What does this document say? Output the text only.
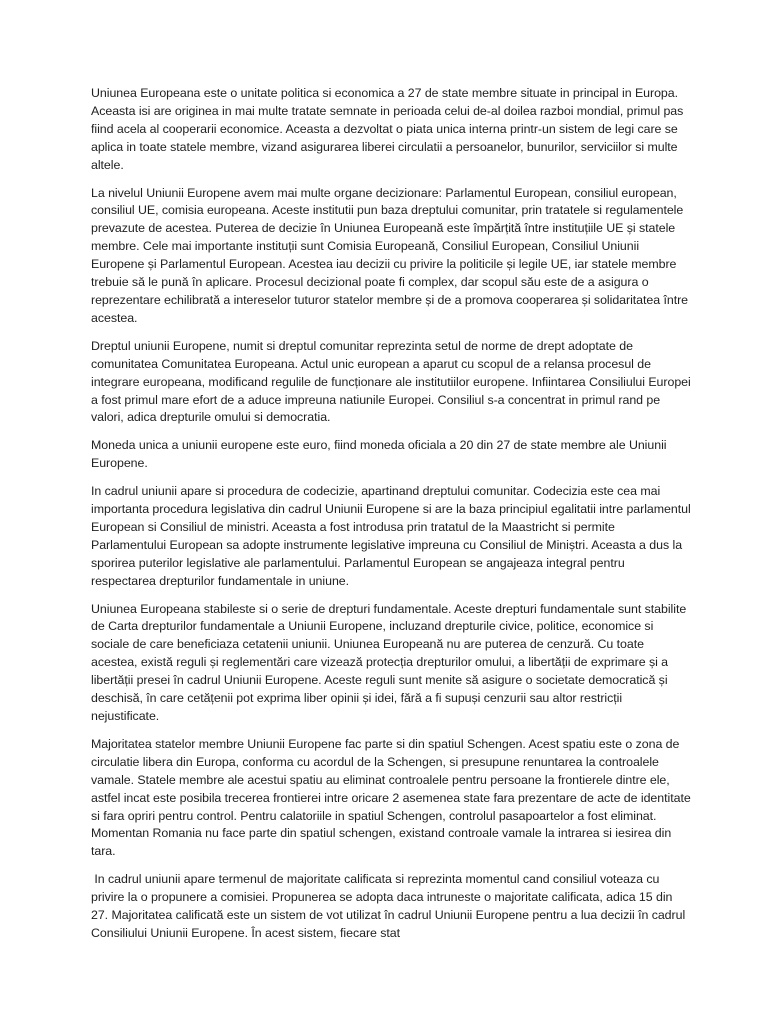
Uniunea Europeana este o unitate politica si economica a 27 de state membre situate in principal in Europa. Aceasta isi are originea in mai multe tratate semnate in perioada celui de-al doilea razboi mondial, primul pas fiind acela al cooperarii economice. Aceasta a dezvoltat o piata unica interna printr-un sistem de legi care se aplica in toate statele membre, vizand asigurarea liberei circulatii a persoanelor, bunurilor, serviciilor si multe altele.

La nivelul Uniunii Europene avem mai multe organe decizionare: Parlamentul European, consiliul european, consiliul UE, comisia europeana. Aceste institutii pun baza dreptului comunitar, prin tratatele si regulamentele prevazute de acestea. Puterea de decizie în Uniunea Europeană este împărțită între instituțiile UE și statele membre. Cele mai importante instituții sunt Comisia Europeană, Consiliul European, Consiliul Uniunii Europene și Parlamentul European. Acestea iau decizii cu privire la politicile și legile UE, iar statele membre trebuie să le pună în aplicare. Procesul decizional poate fi complex, dar scopul său este de a asigura o reprezentare echilibrată a intereselor tuturor statelor membre și de a promova cooperarea și solidaritatea între acestea.

Dreptul uniunii Europene, numit si dreptul comunitar reprezinta setul de norme de drept adoptate de comunitatea Comunitatea Europeana. Actul unic european a aparut cu scopul de a relansa procesul de integrare europeana, modificand regulile de funcționare ale institutiilor europene. Infiintarea Consiliului Europei a fost primul mare efort de a aduce impreuna natiunile Europei. Consiliul s-a concentrat in primul rand pe valori, adica drepturile omului si democratia.

Moneda unica a uniunii europene este euro, fiind moneda oficiala a 20 din 27 de state membre ale Uniunii Europene.

In cadrul uniunii apare si procedura de codecizie, apartinand dreptului comunitar. Codecizia este cea mai importanta procedura legislativa din cadrul Uniunii Europene si are la baza principiul egalitatii intre parlamentul European si Consiliul de ministri. Aceasta a fost introdusa prin tratatul de la Maastricht si permite Parlamentului European sa adopte instrumente legislative impreuna cu Consiliul de Miniștri. Aceasta a dus la sporirea puterilor legislative ale parlamentului. Parlamentul European se angajeaza integral pentru respectarea drepturilor fundamentale in uniune.

Uniunea Europeana stabileste si o serie de drepturi fundamentale. Aceste drepturi fundamentale sunt stabilite de Carta drepturilor fundamentale a Uniunii Europene, incluzand drepturile civice, politice, economice si sociale de care beneficiaza cetatenii uniunii. Uniunea Europeană nu are puterea de cenzură. Cu toate acestea, există reguli și reglementări care vizează protecția drepturilor omului, a libertății de exprimare și a libertății presei în cadrul Uniunii Europene. Aceste reguli sunt menite să asigure o societate democratică și deschisă, în care cetățenii pot exprima liber opinii și idei, fără a fi supuși cenzurii sau altor restricții nejustificate.

Majoritatea statelor membre Uniunii Europene fac parte si din spatiul Schengen. Acest spatiu este o zona de circulatie libera din Europa, conforma cu acordul de la Schengen, si presupune renuntarea la controalele vamale. Statele membre ale acestui spatiu au eliminat controalele pentru persoane la frontierele dintre ele, astfel incat este posibila trecerea frontierei intre oricare 2 asemenea state fara prezentare de acte de identitate si fara opriri pentru control. Pentru calatoriile in spatiul Schengen, controlul pasapoartelor a fost eliminat. Momentan Romania nu face parte din spatiul schengen, existand controale vamale la intrarea si iesirea din tara.

In cadrul uniunii apare termenul de majoritate calificata si reprezinta momentul cand consiliul voteaza cu privire la o propunere a comisiei. Propunerea se adopta daca intruneste o majoritate calificata, adica 15 din 27. Majoritatea calificată este un sistem de vot utilizat în cadrul Uniunii Europene pentru a lua decizii în cadrul Consiliului Uniunii Europene. În acest sistem, fiecare stat
